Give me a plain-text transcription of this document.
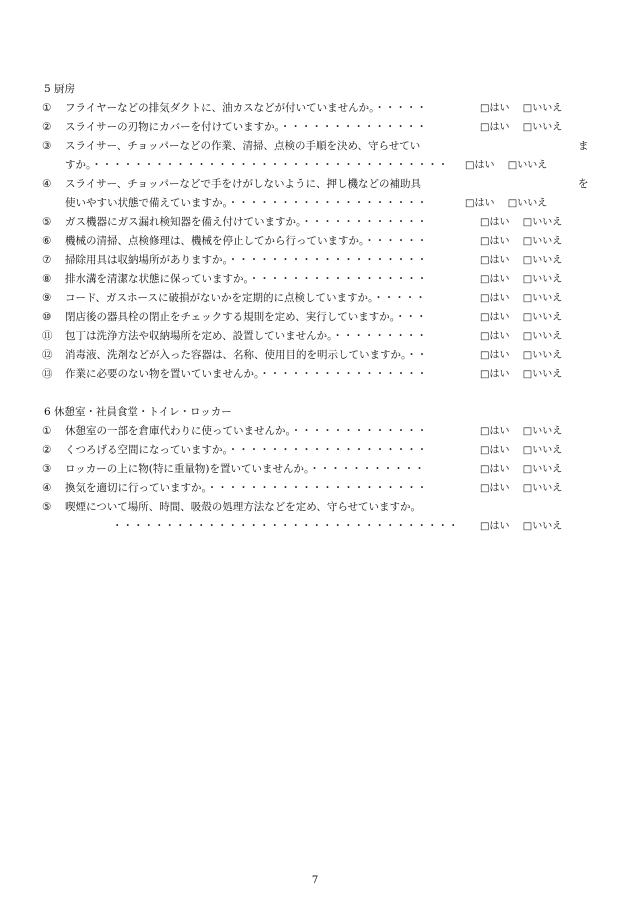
5 厨房
①	フライヤーなどの排気ダクトに、油カスなどが付いていませんか。・・・・・	□はい □いいえ
②	スライサーの刃物にカバーを付けていますか。・・・・・・・・・・・・・・	□はい □いいえ
③	スライサー、チョッパーなどの作業、清掃、点検の手順を決め、守らせてい	ま
すか。・・・・・・・・・・・・・・・・・・・・・・・・・・・・・・・・・・ □はい □いいえ
④	スライサー、チョッパーなどで手をけがしないように、押し機などの補助具	を
使いやすい状態で備えていますか。・・・・・・・・・・・・・・・・・・・	□はい □いいえ
⑤	ガス機器にガス漏れ検知器を備え付けていますか。・・・・・・・・・・・・	□はい □いいえ
⑥	機械の清掃、点検修理は、機械を停止してから行っていますか。・・・・・・	□はい □いいえ
⑦	掃除用具は収納場所がありますか。・・・・・・・・・・・・・・・・・・・	□はい □いいえ
⑧	排水溝を清潔な状態に保っていますか。・・・・・・・・・・・・・・・・・	□はい □いいえ
⑨	コード、ガスホースに破損がないかを定期的に点検していますか。・・・・・	□はい □いいえ
⑩	閉店後の器具栓の閉止をチェックする規則を定め、実行していますか。・・・	□はい □いいえ
⑪	包丁は洗浄方法や収納場所を定め、設置していませんか。・・・・・・・・・	□はい □いいえ
⑫	消毒液、洗剤などが入った容器は、名称、使用目的を明示していますか。・・	□はい □いいえ
⑬	作業に必要のない物を置いていませんか。・・・・・・・・・・・・・・・・	□はい □いいえ
6 休憩室・社員食堂・トイレ・ロッカー
①	休憩室の一部を倉庫代わりに使っていませんか。・・・・・・・・・・・・・	□はい □いいえ
②	くつろげる空間になっていますか。・・・・・・・・・・・・・・・・・・・	□はい □いいえ
③	ロッカーの上に物(特に重量物)を置いていませんか。・・・・・・・・・・・	□はい □いいえ
④	換気を適切に行っていますか。・・・・・・・・・・・・・・・・・・・・・	□はい □いいえ
⑤	喫煙について場所、時間、吸殻の処理方法などを定め、守らせていますか。
・・・・・・・・・・・・・・・・・・・・・・・・・・・・・・・・・ □はい □いいえ
7
